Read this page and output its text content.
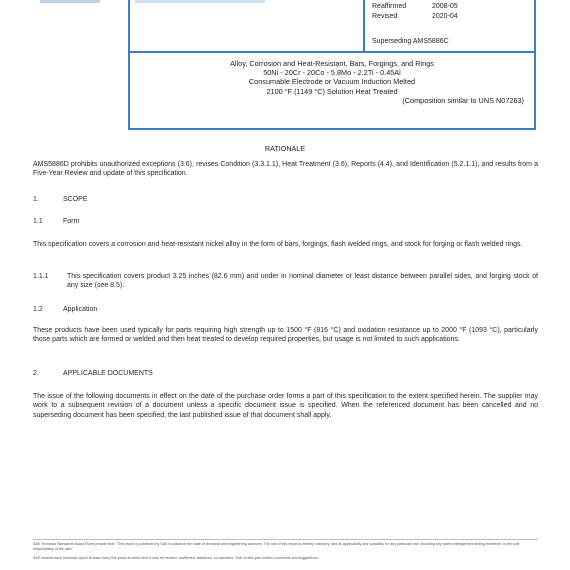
Reaffirmed	2008-05
Revised	2020-04
Superseding AMS5886C
Alloy, Corrosion and Heat-Resistant, Bars, Forgings, and Rings
50Ni - 20Cr - 20Co - 5.8Mo - 2.2Ti - 0.45Al
Consumable Electrode or Vacuum Induction Melted
2100 °F (1149 °C) Solution Heat Treated
(Composition similar to UNS N07263)
RATIONALE
AMS5886D prohibits unauthorized exceptions (3.6), revises Condition (3.3.1.1), Heat Treatment (3.6), Reports (4.4), and Identification (5.2.1.1), and results from a Five-Year Review and update of this specification.
1.	SCOPE
1.1	Form
This specification covers a corrosion and heat-resistant nickel alloy in the form of bars, forgings, flash welded rings, and stock for forging or flash welded rings.
1.1.1	This specification covers product 3.25 inches (82.6 mm) and under in nominal diameter or least distance between parallel sides, and forging stock of any size (see 8.5).
1.2	Application
These products have been used typically for parts requiring high strength up to 1500 °F (816 °C) and oxidation resistance up to 2000 °F (1093 °C), particularly those parts which are formed or welded and then heat treated to develop required properties, but usage is not limited to such applications.
2.	APPLICABLE DOCUMENTS
The issue of the following documents in effect on the date of the purchase order forms a part of this specification to the extent specified herein. The supplier may work to a subsequent revision of a document unless a specific document issue is specified. When the referenced document has been cancelled and no superseding document has been specified, the last published issue of that document shall apply.
SAE Technical Standards Board Rules provide that: "This report is published by SAE to advance the state of technical and engineering sciences. The use of this report is entirely voluntary, and its applicability and suitability for any particular use, including any patent infringement arising therefrom, is the sole responsibility of the user."
SAE reviews each technical report at least every five years at which time it may be revised, reaffirmed, stabilized, or cancelled. SAE invites your written comments and suggestions.
